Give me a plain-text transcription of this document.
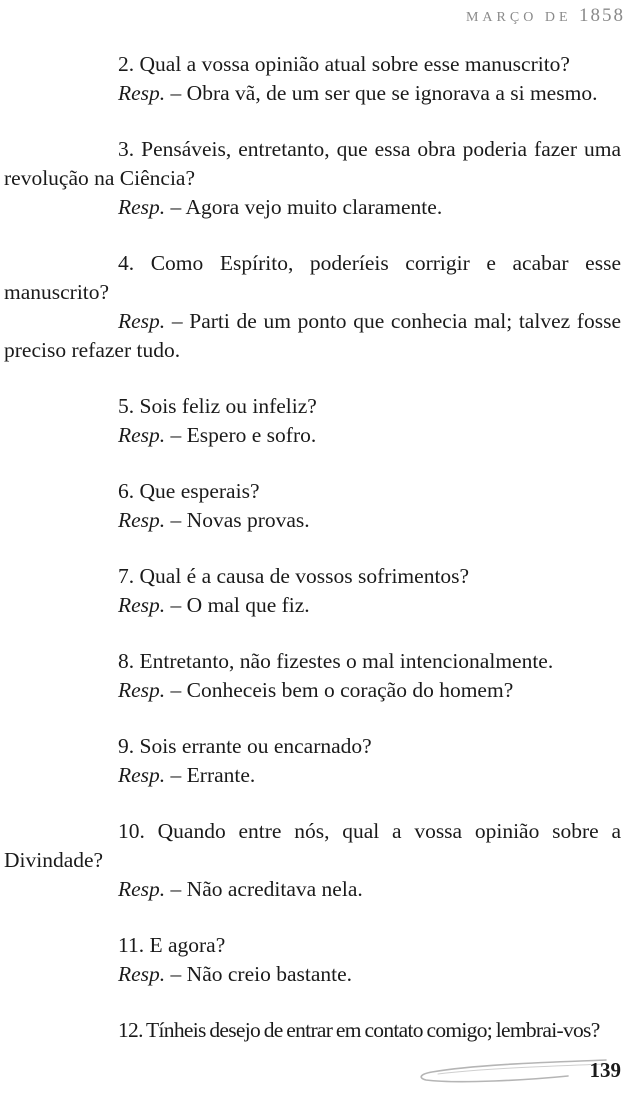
MARÇO DE 1858

2. Qual a vossa opinião atual sobre esse manuscrito?

Resp. – Obra vã, de um ser que se ignorava a si mesmo.

3. Pensáveis, entretanto, que essa obra poderia fazer uma revolução na Ciência?

Resp. – Agora vejo muito claramente.

4. Como Espírito, poderíeis corrigir e acabar esse manuscrito?

Resp. – Parti de um ponto que conhecia mal; talvez fosse preciso refazer tudo.

5. Sois feliz ou infeliz?

Resp. – Espero e sofro.

6. Que esperais?

Resp. – Novas provas.

7. Qual é a causa de vossos sofrimentos?

Resp. – O mal que fiz.

8. Entretanto, não fizestes o mal intencionalmente.

Resp. – Conheceis bem o coração do homem?

9. Sois errante ou encarnado?

Resp. – Errante.

10. Quando entre nós, qual a vossa opinião sobre a Divindade?

Resp. – Não acreditava nela.

11. E agora?

Resp. – Não creio bastante.

12. Tínheis desejo de entrar em contato comigo; lembrai-vos?

139
